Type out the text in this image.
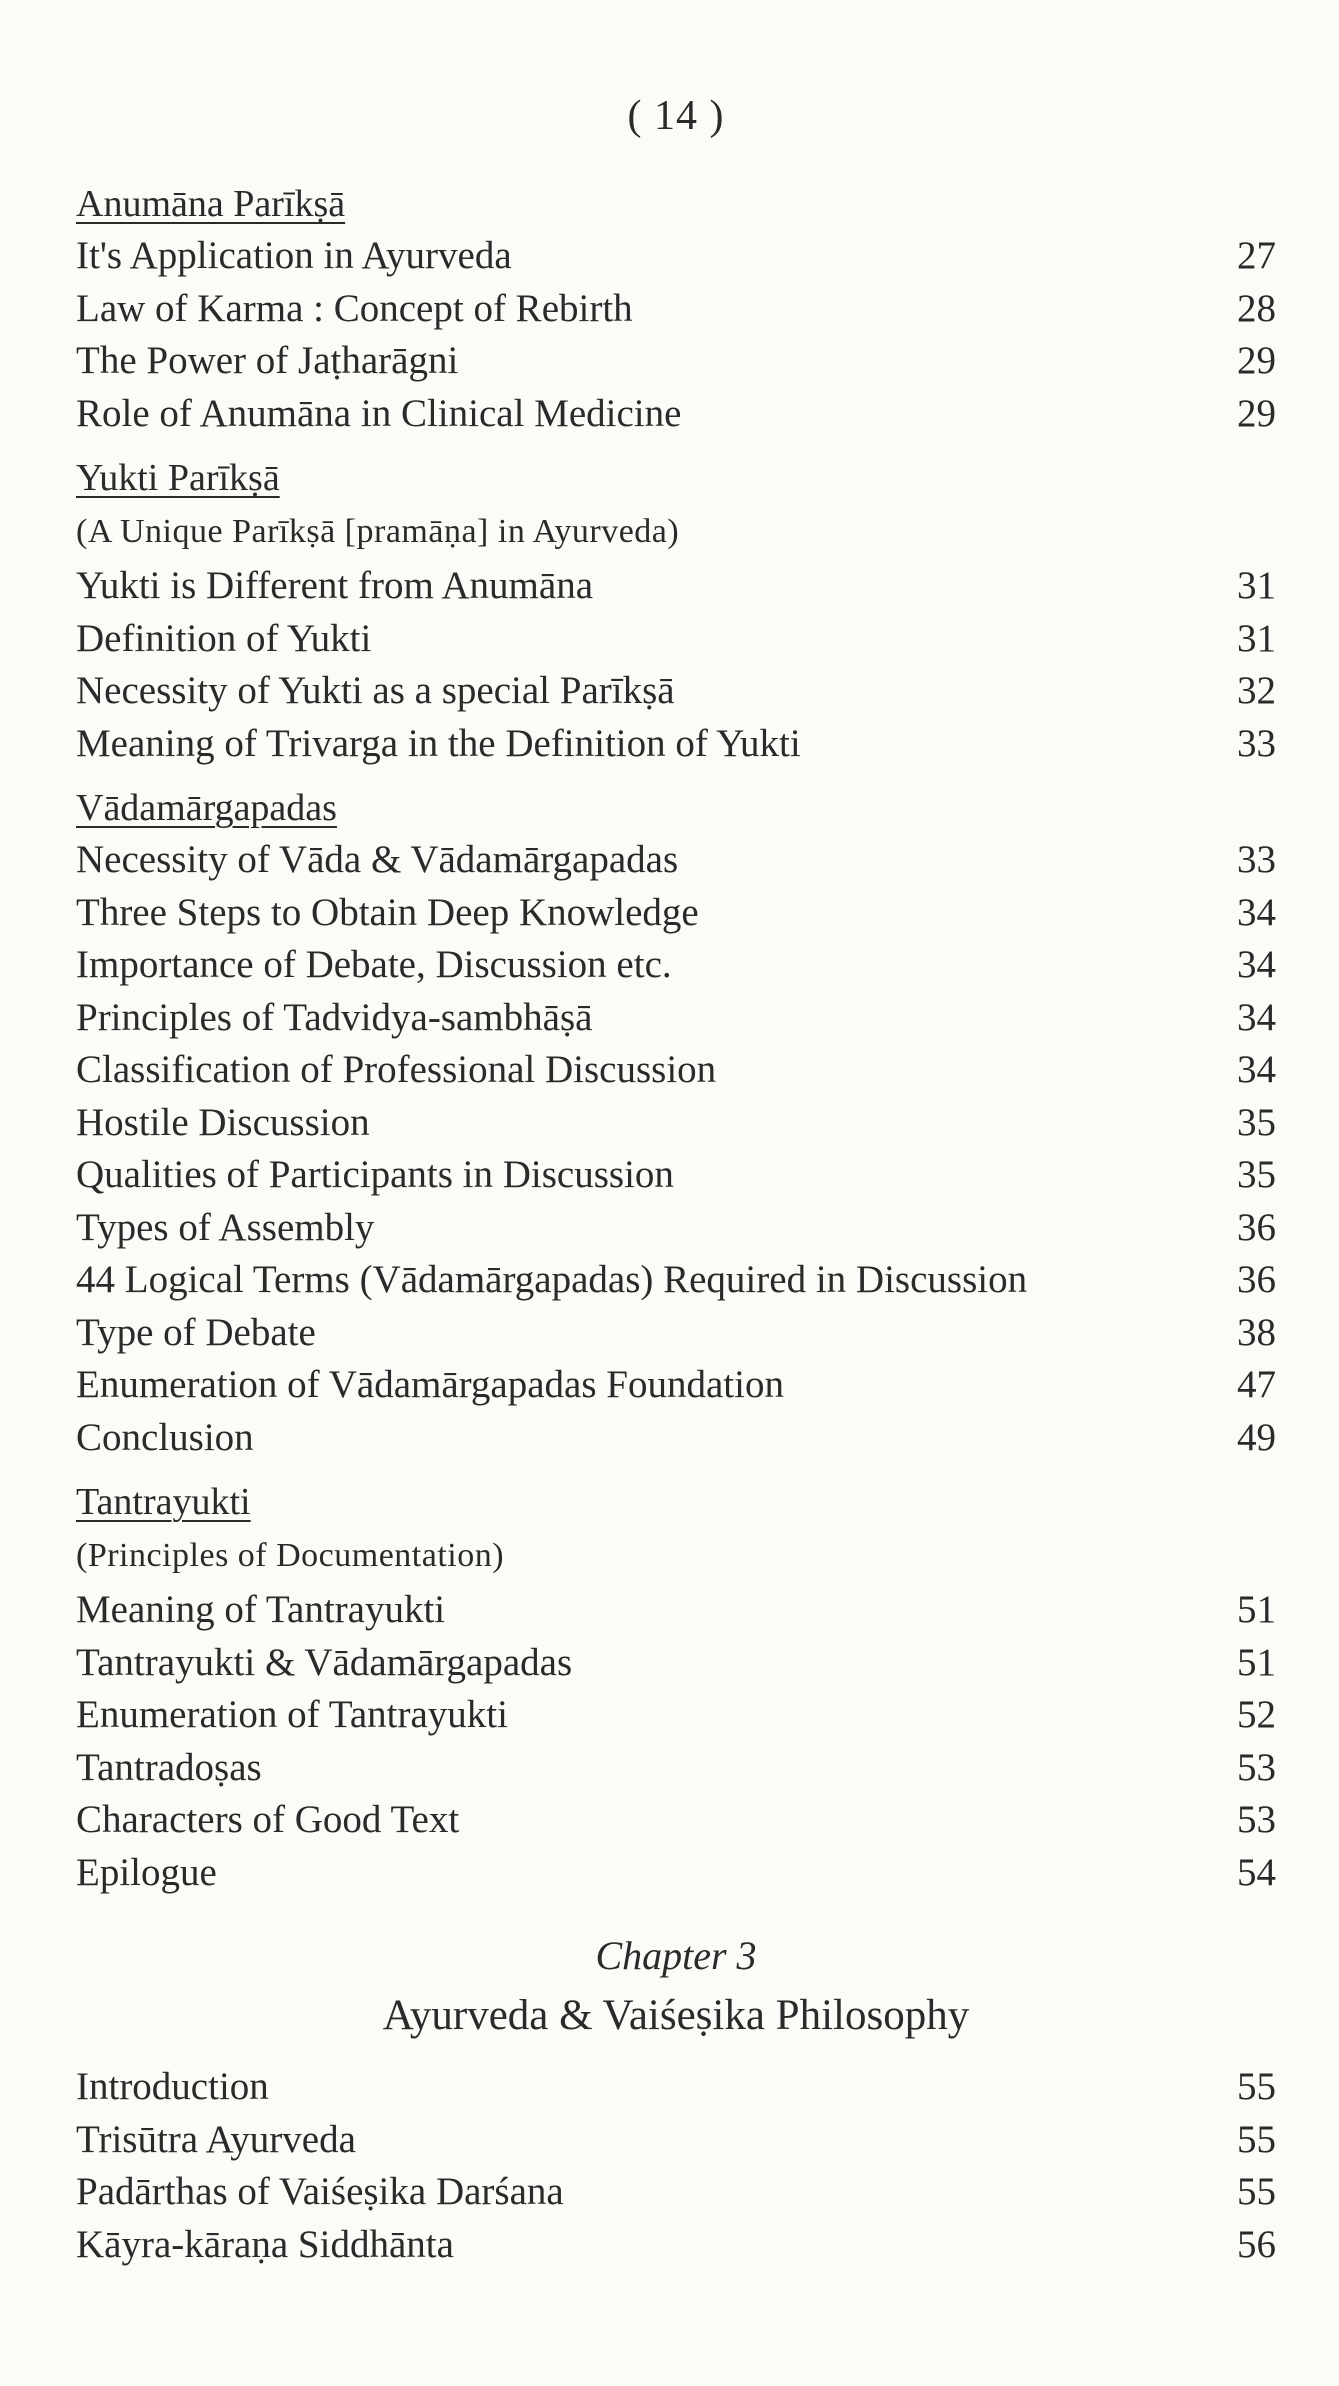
( 14 )
Anumāna Parīkṣā
It's Application in Ayurveda	27
Law of Karma : Concept of Rebirth	28
The Power of Jaṭharāgni	29
Role of Anumāna in Clinical Medicine	29
Yukti Parīkṣā
(A Unique Parīkṣā [pramāṇa] in Ayurveda)
Yukti is Different from Anumāna	31
Definition of Yukti	31
Necessity of Yukti as a special Parīkṣā	32
Meaning of Trivarga in the Definition of Yukti	33
Vādamārgapadas
Necessity of Vāda & Vādamārgapadas	33
Three Steps to Obtain Deep Knowledge	34
Importance of Debate, Discussion etc.	34
Principles of Tadvidya-sambhāṣā	34
Classification of Professional Discussion	34
Hostile Discussion	35
Qualities of Participants in Discussion	35
Types of Assembly	36
44 Logical Terms (Vādamārgapadas) Required in Discussion	36
Type of Debate	38
Enumeration of Vādamārgapadas Foundation	47
Conclusion	49
Tantrayukti
(Principles of Documentation)
Meaning of Tantrayukti	51
Tantrayukti & Vādamārgapadas	51
Enumeration of Tantrayukti	52
Tantradoṣas	53
Characters of Good Text	53
Epilogue	54
Chapter 3
Ayurveda & Vaiśeṣika Philosophy
Introduction	55
Trisūtra Ayurveda	55
Padārthas of Vaiśeṣika Darśana	55
Kāyra-kāraṇa Siddhānta	56
